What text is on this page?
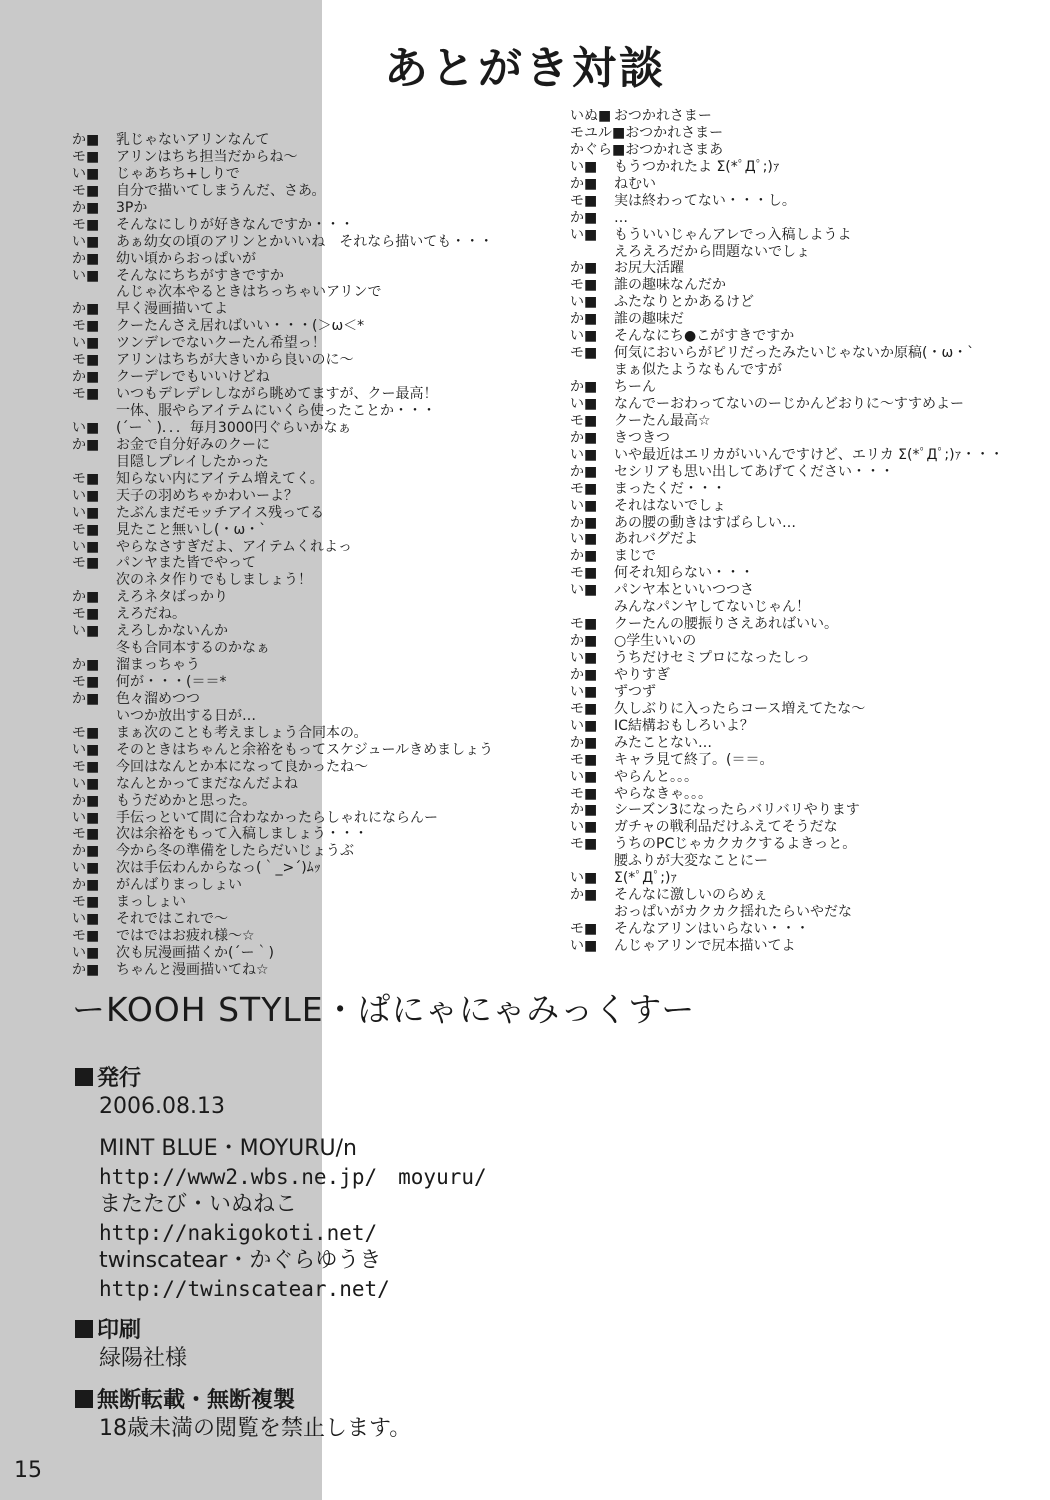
あとがき対談
か■ 乳じゃないアリンなんて
モ■ アリンはちち担当だからね～
い■ じゃあちち+しりで
モ■ 自分で描いてしまうんだ、さあ。
か■ 3Pか
モ■ そんなにしりが好きなんですか・・・
い■ あぁ幼女の頃のアリンとかいいね　それなら描いても・・・
か■ 幼い頃からおっぱいが
い■ そんなにちちがすきですか
んじゃ次本やるときはちっちゃいアリンで
か■ 早く漫画描いてよ
モ■ クーたんさえ居ればいい・・・(＞ω＜*
い■ ツンデレでないクーたん希望っ！
モ■ アリンはちちが大きいから良いのに～
か■ クーデレでもいいけどね
モ■ いつもデレデレしながら眺めてますが、クー最高！
一体、服やらアイテムにいくら使ったことか・・・
い■ (´ー｀)．．．毎月3000円ぐらいかなぁ
か■ お金で自分好みのクーに
目隠しプレイしたかった
モ■ 知らない内にアイテム増えてく。
い■ 天子の羽めちゃかわいーよ？
い■ たぶんまだモッチアイス残ってる
モ■ 見たこと無いし(・ω・`
い■ やらなさすぎだよ、アイテムくれよっ
モ■ パンヤまた皆でやって
次のネタ作りでもしましょう！
か■ えろネタばっかり
モ■ えろだね。
い■ えろしかないんか
冬も合同本するのかなぁ
か■ 溜まっちゃう
モ■ 何が・・・(＝＝*
か■ 色々溜めつつ
いつか放出する日が…
モ■ まぁ次のことも考えましょう合同本の。
い■ そのときはちゃんと余裕をもってスケジュールきめましょう
モ■ 今回はなんとか本になって良かったね～
い■ なんとかってまだなんだよね
か■ もうだめかと思った。
い■ 手伝っといて間に合わなかったらしゃれにならんー
モ■ 次は余裕をもって入稿しましょう・・・
か■ 今から冬の準備をしたらだいじょうぶ
い■ 次は手伝わんからなっ(｀_>´)ﾑｯ
か■ がんばりまっしょい
モ■ まっしょい
い■ それではこれで～
モ■ ではではお疲れ様～☆
い■ 次も尻漫画描くか(´ー｀)
か■ ちゃんと漫画描いてね☆
いぬ■ おつかれさまー
モユル■おつかれさまー
かぐら■おつかれさまあ
い■ もうつかれたよ Σ(*ﾟДﾟ;)ｧ
か■ ねむい
モ■ 実は終わってない・・・し。
か■ …
い■ もういいじゃんアレでっ入稿しようよ
えろえろだから問題ないでしょ
か■ お尻大活躍
モ■ 誰の趣味なんだか
い■ ふたなりとかあるけど
か■ 誰の趣味だ
い■ そんなにち●こがすきですか
モ■ 何気においらがピリだったみたいじゃないか原稿(・ω・`
まぁ似たようなもんですが
か■ ちーん
い■ なんでーおわってないのーじかんどおりに～すすめよー
モ■ クーたん最高☆
か■ きつきつ
い■ いや最近はエリカがいいんですけど、エリカ Σ(*ﾟДﾟ;)ｧ・・・
か■ セシリアも思い出してあげてください・・・
モ■ まったくだ・・・
い■ それはないでしょ
か■ あの腰の動きはすばらしい…
い■ あれバグだよ
か■ まじで
モ■ 何それ知らない・・・
い■ パンヤ本といいつつさ
みんなパンヤしてないじゃん！
モ■ クーたんの腰振りさえあればいい。
か■ ○学生いいの
い■ うちだけセミプロになったしっ
か■ やりすぎ
い■ ずつず
モ■ 久しぶりに入ったらコース増えてたな～
い■ IC結構おもしろいよ？
か■ みたことない…
モ■ キャラ見て終了。(＝＝。
い■ やらんと。。。
モ■ やらなきゃ。。。
か■ シーズン3になったらバリバリやります
い■ ガチャの戦利品だけふえてそうだな
モ■ うちのPCじゃカクカクするよきっと。
腰ふりが大変なことにー
い■ Σ(*ﾟДﾟ;)ｧ
か■ そんなに激しいのらめぇ
おっぱいがカクカク揺れたらいやだな
モ■ そんなアリンはいらない・・・
い■ んじゃアリンで尻本描いてよ
ーKOOH STYLE・ぱにゃにゃみっくすー
発行
2006.08.13
MINT BLUE・MOYURU/n
http://www2.wbs.ne.jp/　moyuru/
またたび・いぬねこ
http://nakigokoti.net/
twinscatear・かぐらゆうき
http://twinscatear.net/
印刷
緑陽社様
無断転載・無断複製
18歳未満の閲覧を禁止します。
15
